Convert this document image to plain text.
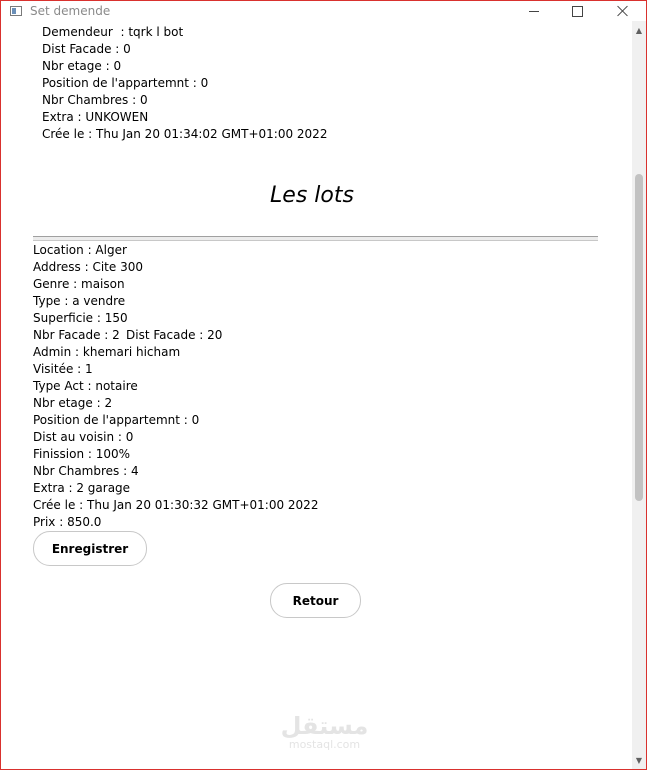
Set demende
Demendeur  : tqrk l bot
Dist Facade : 0
Nbr etage : 0
Position de l'appartemnt : 0
Nbr Chambres : 0
Extra : UNKOWEN
Crée le : Thu Jan 20 01:34:02 GMT+01:00 2022
Les lots
Location : Alger
Address : Cite 300
Genre : maison
Type : a vendre
Superficie : 150
Nbr Facade : 2 Dist Facade : 20
Admin : khemari hicham
Visitée : 1
Type Act : notaire
Nbr etage : 2
Position de l'appartemnt : 0
Dist au voisin : 0
Finission : 100%
Nbr Chambres : 4
Extra : 2 garage
Crée le : Thu Jan 20 01:30:32 GMT+01:00 2022
Prix : 850.0
Enregistrer
Retour
▲
▼
مستقل
mostaql.com
